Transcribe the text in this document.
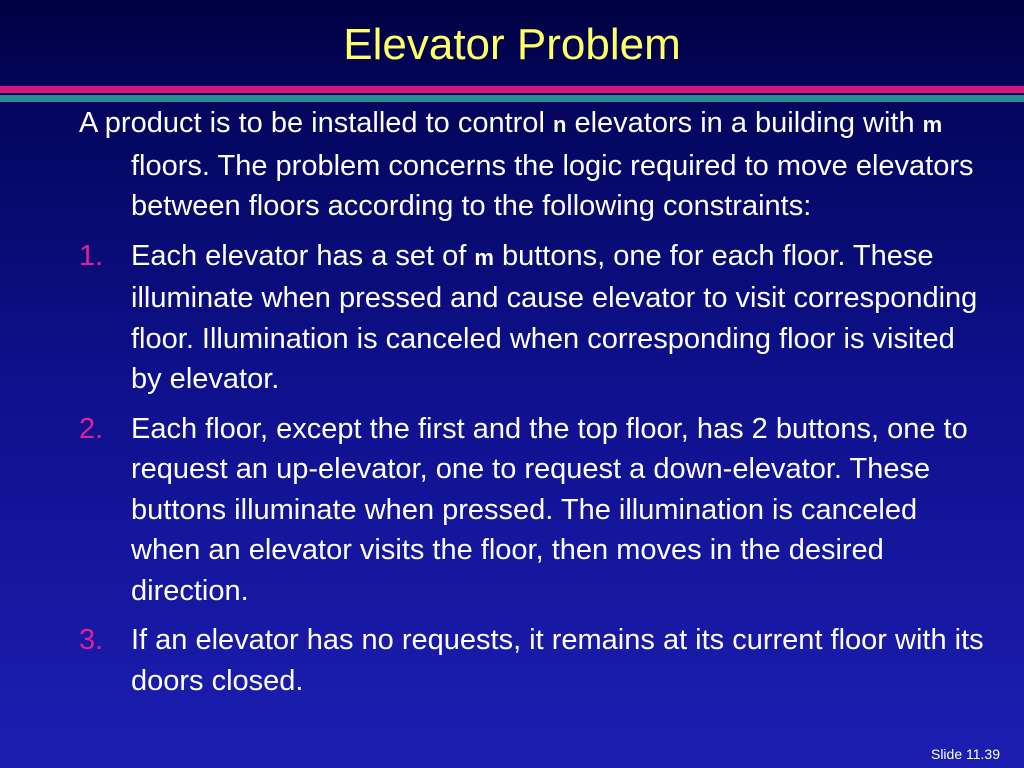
Elevator Problem

A product is to be installed to control n elevators in a building with m floors. The problem concerns the logic required to move elevators between floors according to the following constraints:

1. Each elevator has a set of m buttons, one for each floor. These illuminate when pressed and cause elevator to visit corresponding floor. Illumination is canceled when corresponding floor is visited by elevator.
2. Each floor, except the first and the top floor, has 2 buttons, one to request an up-elevator, one to request a down-elevator. These buttons illuminate when pressed. The illumination is canceled when an elevator visits the floor, then moves in the desired direction.
3. If an elevator has no requests, it remains at its current floor with its doors closed.
Slide 11.39
